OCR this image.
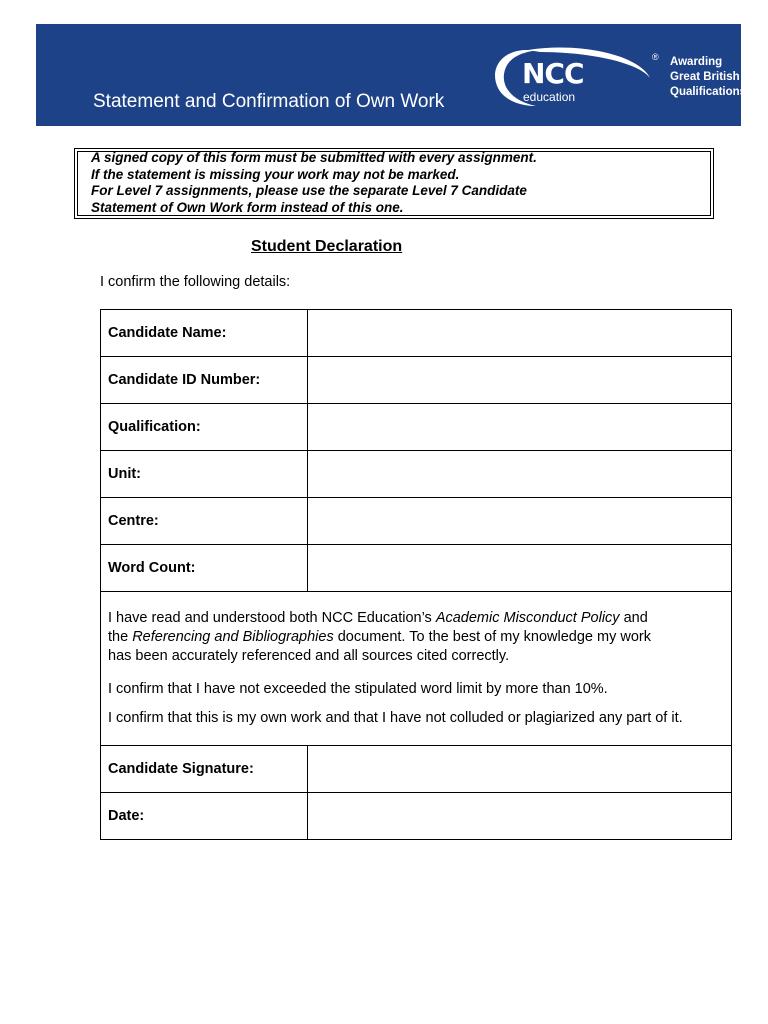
Statement and Confirmation of Own Work
NCC
education
® Awarding
Great British
Qualifications
A signed copy of this form must be submitted with every assignment.
If the statement is missing your work may not be marked.
For Level 7 assignments, please use the separate Level 7 Candidate
Statement of Own Work form instead of this one.
Student Declaration
I confirm the following details:
Candidate Name:
Candidate ID Number:
Qualification:
Unit:
Centre:
Word Count:
I have read and understood both NCC Education’s Academic Misconduct Policy and
the Referencing and Bibliographies document. To the best of my knowledge my work
has been accurately referenced and all sources cited correctly.
I confirm that I have not exceeded the stipulated word limit by more than 10%.
I confirm that this is my own work and that I have not colluded or plagiarized any part of it.
Candidate Signature:
Date:
